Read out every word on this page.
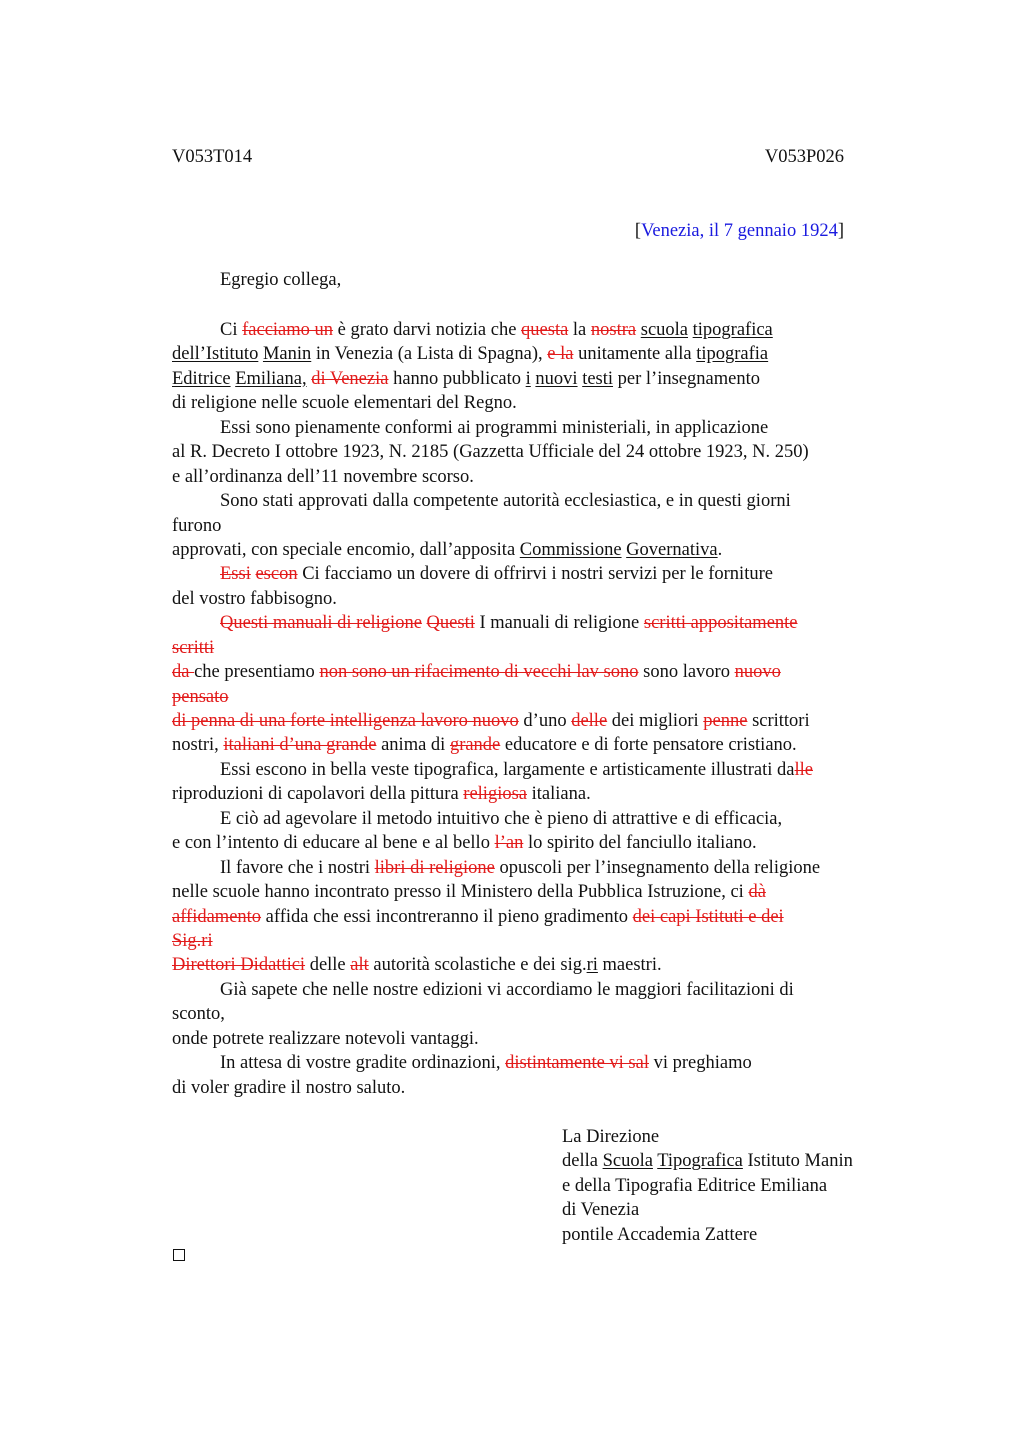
V053T014	V053P026
[Venezia, il 7 gennaio 1924]
Egregio collega,
Ci facciamo un è grato darvi notizia che questa la nostra scuola tipografica
dell’Istituto Manin in Venezia (a Lista di Spagna), e la unitamente alla tipografia
Editrice Emiliana, di Venezia hanno pubblicato i nuovi testi per l’insegnamento
di religione nelle scuole elementari del Regno.
Essi sono pienamente conformi ai programmi ministeriali, in applicazione
al R. Decreto I ottobre 1923, N. 2185 (Gazzetta Ufficiale del 24 ottobre 1923, N. 250)
e all’ordinanza dell’11 novembre scorso.
Sono stati approvati dalla competente autorità ecclesiastica, e in questi giorni
furono
approvati, con speciale encomio, dall’apposita Commissione Governativa.
Essi escon Ci facciamo un dovere di offrirvi i nostri servizi per le forniture
del vostro fabbisogno.
Questi manuali di religione Questi I manuali di religione scritti appositamente
scritti
da che presentiamo non sono un rifacimento di vecchi lav sono sono lavoro nuovo
pensato
di penna di una forte intelligenza lavoro nuovo d’uno delle dei migliori penne scrittori
nostri, italiani d’una grande anima di grande educatore e di forte pensatore cristiano.
Essi escono in bella veste tipografica, largamente e artisticamente illustrati dalle
riproduzioni di capolavori della pittura religiosa italiana.
E ciò ad agevolare il metodo intuitivo che è pieno di attrattive e di efficacia,
e con l’intento di educare al bene e al bello l’an lo spirito del fanciullo italiano.
Il favore che i nostri libri di religione opuscoli per l’insegnamento della religione
nelle scuole hanno incontrato presso il Ministero della Pubblica Istruzione, ci dà
affidamento affida che essi incontreranno il pieno gradimento dei capi Istituti e dei
Sig.ri
Direttori Didattici delle alt autorità scolastiche e dei sig.ri maestri.
Già sapete che nelle nostre edizioni vi accordiamo le maggiori facilitazioni di
sconto,
onde potrete realizzare notevoli vantaggi.
In attesa di vostre gradite ordinazioni, distintamente vi sal vi preghiamo
di voler gradire il nostro saluto.
La Direzione
della Scuola Tipografica Istituto Manin
e della Tipografia Editrice Emiliana
di Venezia
pontile Accademia Zattere
